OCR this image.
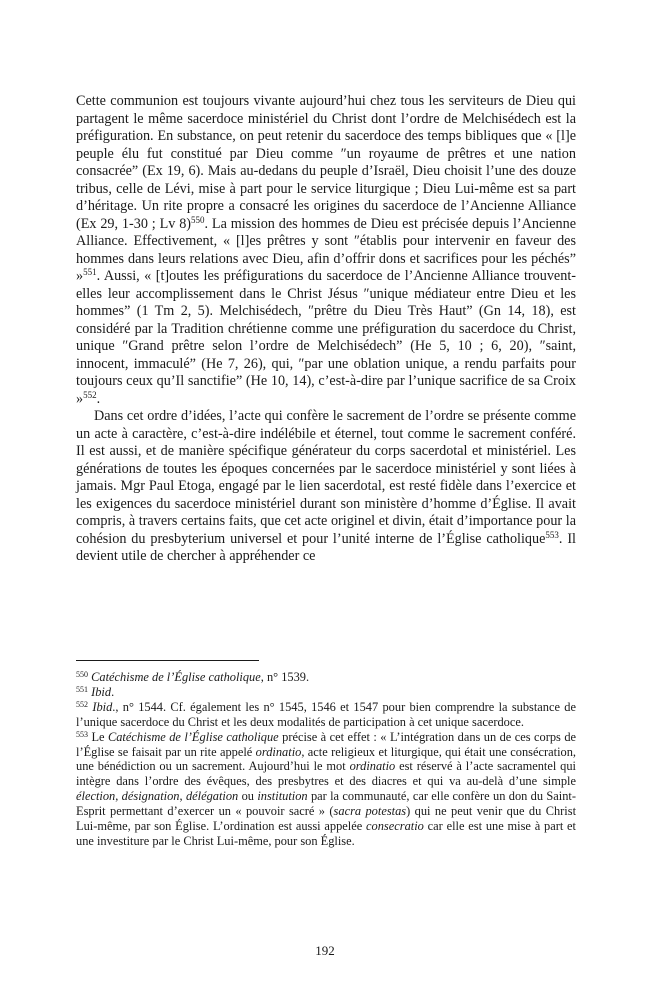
Cette communion est toujours vivante aujourd’hui chez tous les serviteurs de Dieu qui partagent le même sacerdoce ministériel du Christ dont l’ordre de Melchisédech est la préfiguration. En substance, on peut retenir du sacerdoce des temps bibliques que « [l]e peuple élu fut constitué par Dieu comme ″un royaume de prêtres et une nation consacrée” (Ex 19, 6). Mais au-dedans du peuple d’Israël, Dieu choisit l’une des douze tribus, celle de Lévi, mise à part pour le service liturgique ; Dieu Lui-même est sa part d’héritage. Un rite propre a consacré les origines du sacerdoce de l’Ancienne Alliance (Ex 29, 1-30 ; Lv 8)$^{550}$. La mission des hommes de Dieu est précisée depuis l’Ancienne Alliance. Effectivement, « [l]es prêtres y sont ″établis pour intervenir en faveur des hommes dans leurs relations avec Dieu, afin d’offrir dons et sacrifices pour les péchés” »$^{551}$. Aussi, « [t]outes les préfigurations du sacerdoce de l’Ancienne Alliance trouvent-elles leur accomplissement dans le Christ Jésus ″unique médiateur entre Dieu et les hommes” (1 Tm 2, 5). Melchisédech, ″prêtre du Dieu Très Haut” (Gn 14, 18), est considéré par la Tradition chrétienne comme une préfiguration du sacerdoce du Christ, unique ″Grand prêtre selon l’ordre de Melchisédech” (He 5, 10 ; 6, 20), ″saint, innocent, immaculé” (He 7, 26), qui, ″par une oblation unique, a rendu parfaits pour toujours ceux qu’Il sanctifie” (He 10, 14), c’est-à-dire par l’unique sacrifice de sa Croix »$^{552}$.

Dans cet ordre d’idées, l’acte qui confère le sacrement de l’ordre se présente comme un acte à caractère, c’est-à-dire indélébile et éternel, tout comme le sacrement conféré. Il est aussi, et de manière spécifique générateur du corps sacerdotal et ministériel. Les générations de toutes les époques concernées par le sacerdoce ministériel y sont liées à jamais. Mgr Paul Etoga, engagé par le lien sacerdotal, est resté fidèle dans l’exercice et les exigences du sacerdoce ministériel durant son ministère d’homme d’Église. Il avait compris, à travers certains faits, que cet acte originel et divin, était d’importance pour la cohésion du presbyterium universel et pour l’unité interne de l’Église catholique$^{553}$. Il devient utile de chercher à appréhender ce

$^{550}$ Catéchisme de l’Église catholique, n° 1539.

$^{551}$ Ibid.

$^{552}$ Ibid., n° 1544. Cf. également les n° 1545, 1546 et 1547 pour bien comprendre la substance de l’unique sacerdoce du Christ et les deux modalités de participation à cet unique sacerdoce.

$^{553}$ Le Catéchisme de l’Église catholique précise à cet effet : « L’intégration dans un de ces corps de l’Église se faisait par un rite appelé ordinatio, acte religieux et liturgique, qui était une consécration, une bénédiction ou un sacrement. Aujourd’hui le mot ordinatio est réservé à l’acte sacramentel qui intègre dans l’ordre des évêques, des presbytres et des diacres et qui va au-delà d’une simple élection, désignation, délégation ou institution par la communauté, car elle confère un don du Saint-Esprit permettant d’exercer un « pouvoir sacré » (sacra potestas) qui ne peut venir que du Christ Lui-même, par son Église. L’ordination est aussi appelée consecratio car elle est une mise à part et une investiture par le Christ Lui-même, pour son Église.

192
